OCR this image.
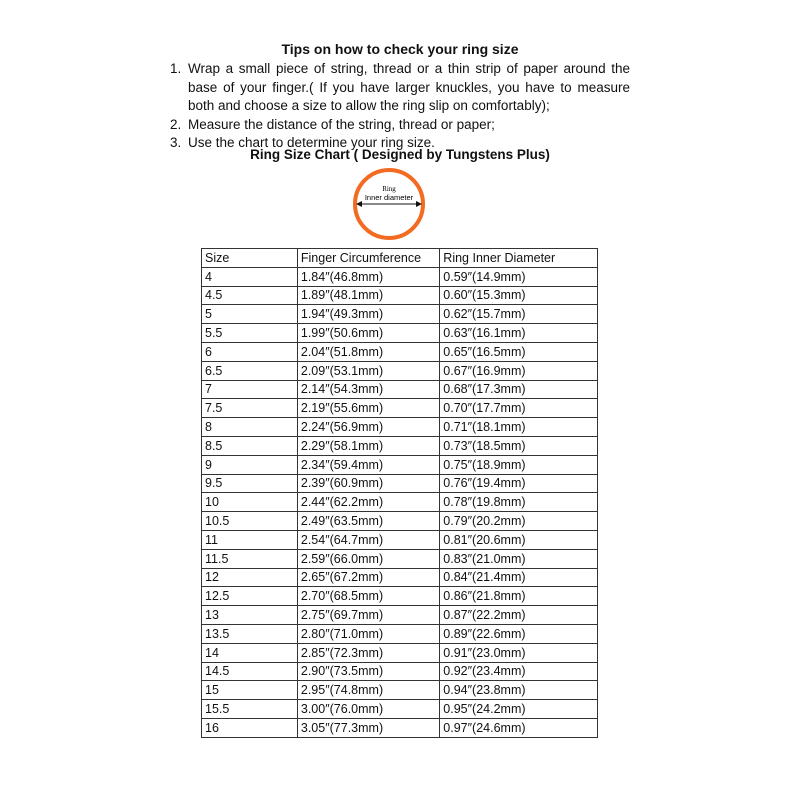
Tips on how to check your ring size
1. Wrap a small piece of string, thread or a thin strip of paper around the base of your finger.( If you have larger knuckles, you have to measure both and choose a size to allow the ring slip on comfortably);
2. Measure the distance of the string, thread or paper;
3. Use the chart to determine your ring size.
Ring Size Chart ( Designed by Tungstens Plus)
Ring
Inner diameter
Size	Finger Circumference	Ring Inner Diameter
4	1.84″(46.8mm)	0.59″(14.9mm)
4.5	1.89″(48.1mm)	0.60″(15.3mm)
5	1.94″(49.3mm)	0.62″(15.7mm)
5.5	1.99″(50.6mm)	0.63″(16.1mm)
6	2.04″(51.8mm)	0.65″(16.5mm)
6.5	2.09″(53.1mm)	0.67″(16.9mm)
7	2.14″(54.3mm)	0.68″(17.3mm)
7.5	2.19″(55.6mm)	0.70″(17.7mm)
8	2.24″(56.9mm)	0.71″(18.1mm)
8.5	2.29″(58.1mm)	0.73″(18.5mm)
9	2.34″(59.4mm)	0.75″(18.9mm)
9.5	2.39″(60.9mm)	0.76″(19.4mm)
10	2.44″(62.2mm)	0.78″(19.8mm)
10.5	2.49″(63.5mm)	0.79″(20.2mm)
11	2.54″(64.7mm)	0.81″(20.6mm)
11.5	2.59″(66.0mm)	0.83″(21.0mm)
12	2.65″(67.2mm)	0.84″(21.4mm)
12.5	2.70″(68.5mm)	0.86″(21.8mm)
13	2.75″(69.7mm)	0.87″(22.2mm)
13.5	2.80″(71.0mm)	0.89″(22.6mm)
14	2.85″(72.3mm)	0.91″(23.0mm)
14.5	2.90″(73.5mm)	0.92″(23.4mm)
15	2.95″(74.8mm)	0.94″(23.8mm)
15.5	3.00″(76.0mm)	0.95″(24.2mm)
16	3.05″(77.3mm)	0.97″(24.6mm)
